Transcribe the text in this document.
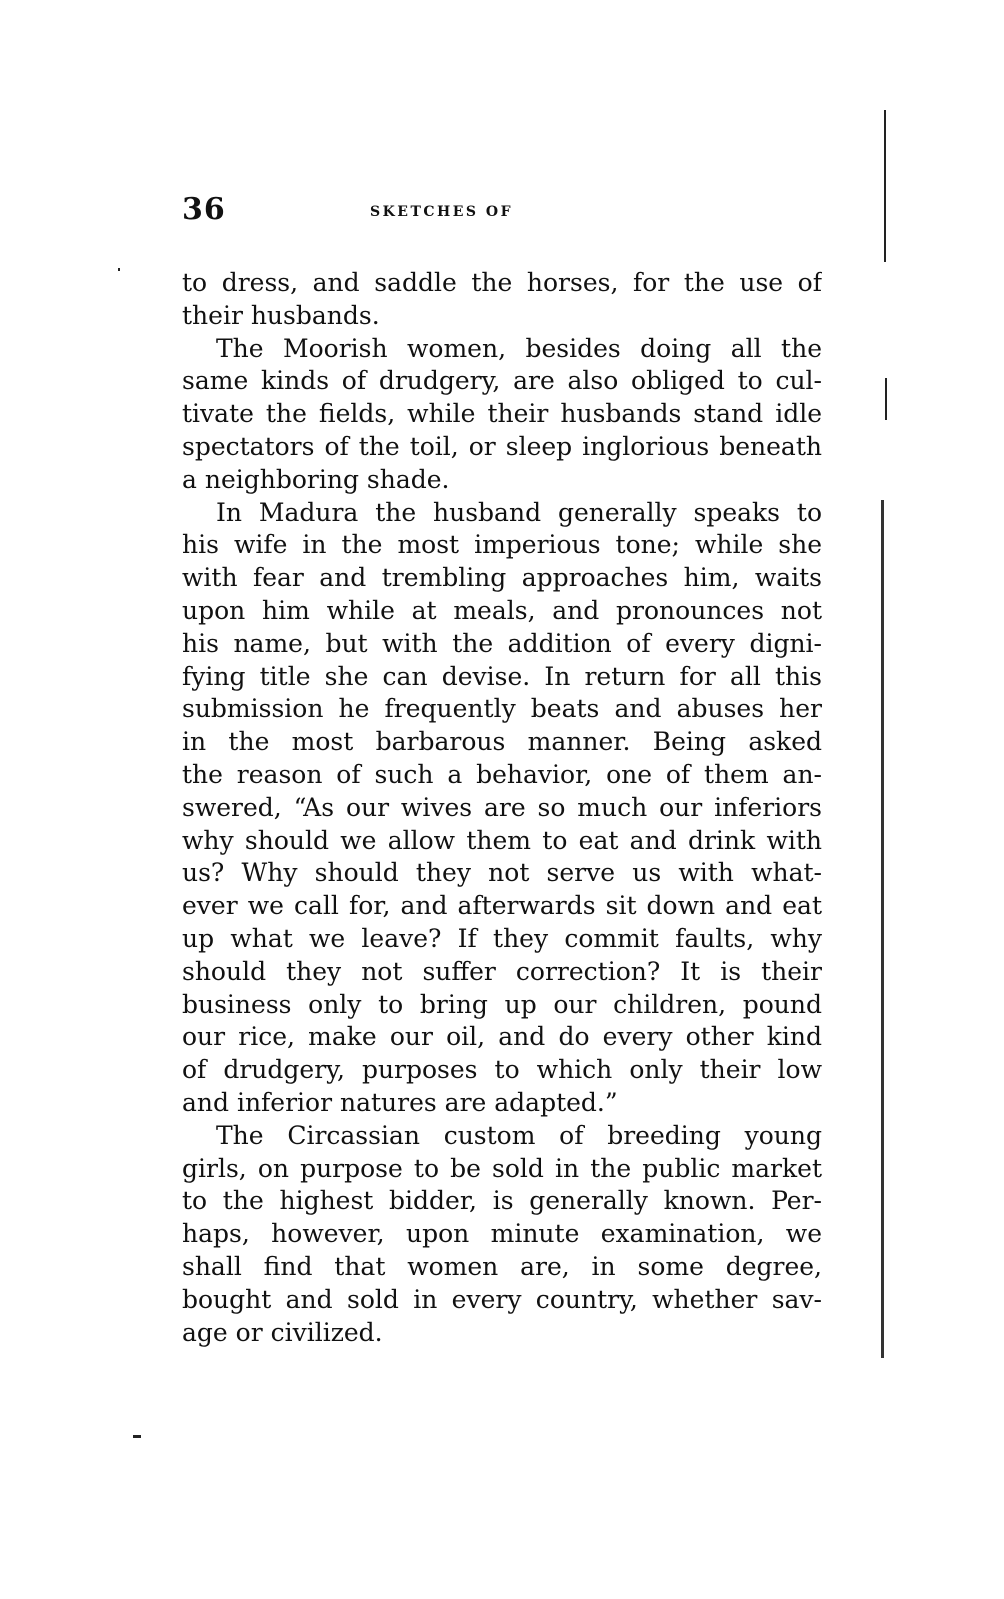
36	SKETCHES OF
to dress, and saddle the horses, for the use of
their husbands.
The Moorish women, besides doing all the
same kinds of drudgery, are also obliged to cul-
tivate the fields, while their husbands stand idle
spectators of the toil, or sleep inglorious beneath
a neighboring shade.
In Madura the husband generally speaks to
his wife in the most imperious tone; while she
with fear and trembling approaches him, waits
upon him while at meals, and pronounces not
his name, but with the addition of every digni-
fying title she can devise. In return for all this
submission he frequently beats and abuses her
in the most barbarous manner. Being asked
the reason of such a behavior, one of them an-
swered, “As our wives are so much our inferiors
why should we allow them to eat and drink with
us? Why should they not serve us with what-
ever we call for, and afterwards sit down and eat
up what we leave? If they commit faults, why
should they not suffer correction? It is their
business only to bring up our children, pound
our rice, make our oil, and do every other kind
of drudgery, purposes to which only their low
and inferior natures are adapted.”
The Circassian custom of breeding young
girls, on purpose to be sold in the public market
to the highest bidder, is generally known. Per-
haps, however, upon minute examination, we
shall find that women are, in some degree,
bought and sold in every country, whether sav-
age or civilized.
